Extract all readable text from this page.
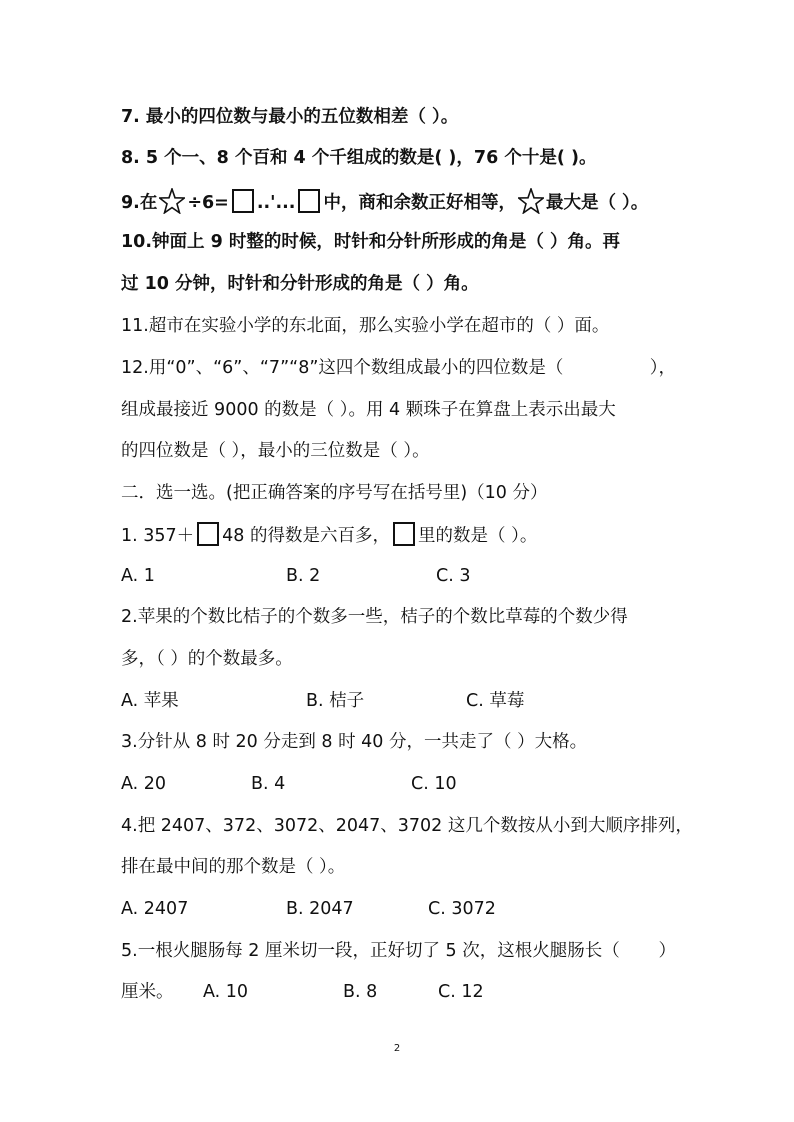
7. 最小的四位数与最小的五位数相差（ ）。
8. 5 个一、8 个百和 4 个千组成的数是( )，76 个十是( )。
9.在 ÷6= ..'... 中，商和余数正好相等， 最大是（ ）。
10.钟面上 9 时整的时候，时针和分针所形成的角是（ ）角。再
过 10 分钟，时针和分针形成的角是（ ）角。
11.超市在实验小学的东北面，那么实验小学在超市的（ ）面。
12.用“0”、“6”、“7”“8”这四个数组成最小的四位数是（	），
组成最接近 9000 的数是（ ）。用 4 颗珠子在算盘上表示出最大
的四位数是（ ），最小的三位数是（ ）。
二．选一选。(把正确答案的序号写在括号里)（10 分）
1. 357＋ 48 的得数是六百多， 里的数是（ ）。
A. 1	B. 2	C. 3
2.苹果的个数比桔子的个数多一些，桔子的个数比草莓的个数少得
多，（ ）的个数最多。
A. 苹果	B. 桔子	C. 草莓
3.分针从 8 时 20 分走到 8 时 40 分，一共走了（ ）大格。
A. 20	B. 4	C. 10
4.把 2407、372、3072、2047、3702 这几个数按从小到大顺序排列，
排在最中间的那个数是（ ）。
A. 2407	B. 2047	C. 3072
5.一根火腿肠每 2 厘米切一段，正好切了 5 次，这根火腿肠长（ ）
厘米。 A. 10	B. 8	C. 12
2
